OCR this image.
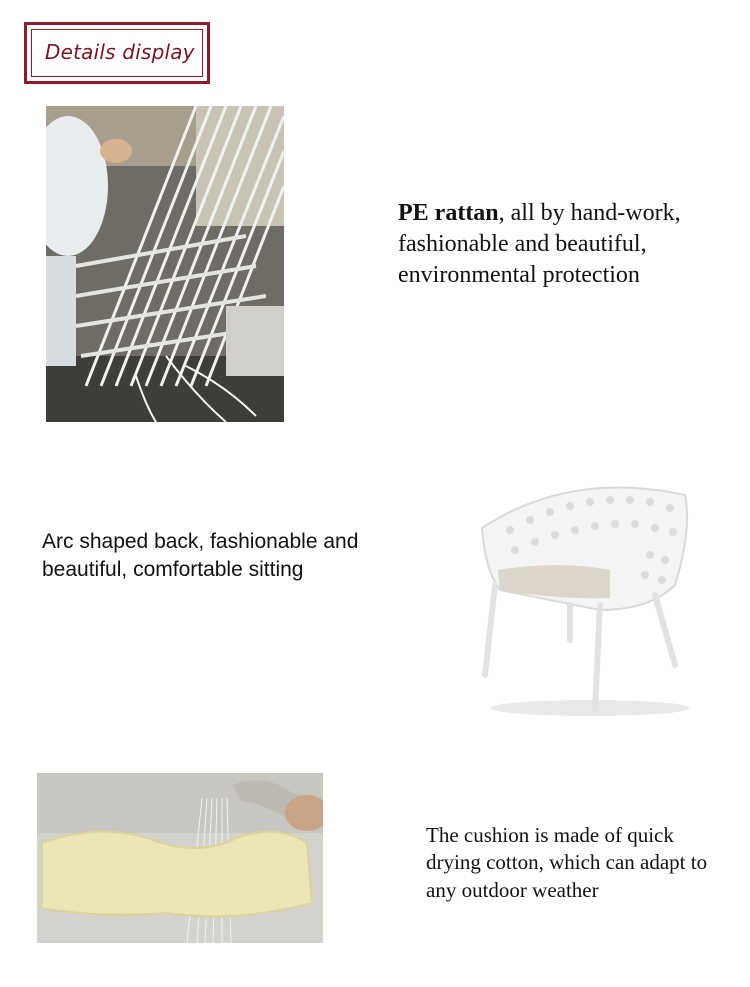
Details display
PE rattan, all by hand-work, fashionable and beautiful, environmental protection
Arc shaped back, fashionable and beautiful, comfortable sitting
The cushion is made of quick drying cotton, which can adapt to any outdoor weather
